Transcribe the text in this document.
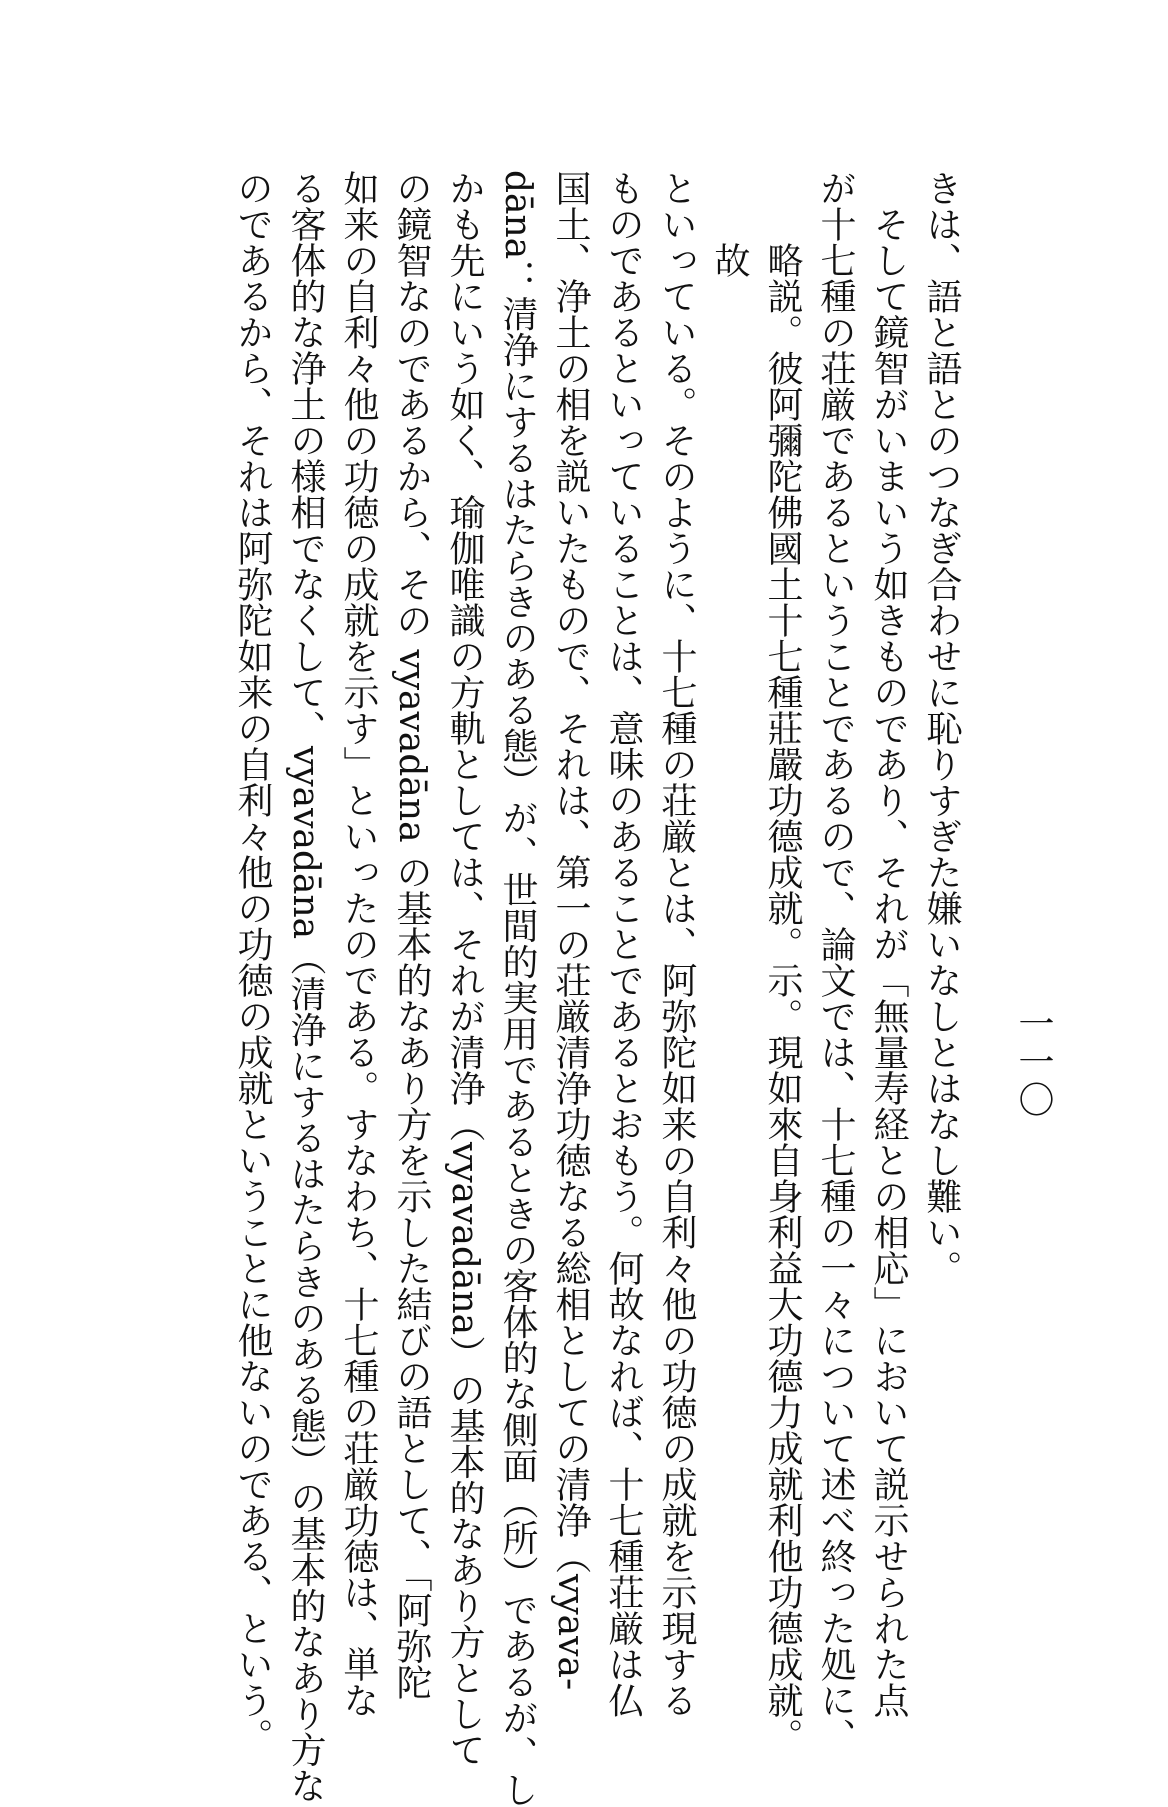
一一〇
きは、語と語とのつなぎ合わせに恥りすぎた嫌いなしとはなし難い。
そして鏡智がいまいう如きものであり、それが「無量寿経との相応」において説示せられた点
が十七種の荘厳であるということであるので、論文では、十七種の一々について述べ終った処に、
略説。彼阿彌陀佛國土十七種莊嚴功德成就。示。現如來自身利益大功德力成就利他功德成就。
故
といっている。そのように、十七種の荘厳とは、阿弥陀如来の自利々他の功徳の成就を示現する
ものであるといっていることは、意味のあることであるとおもう。何故なれば、十七種荘厳は仏
国土、浄土の相を説いたもので、それは、第一の荘厳清浄功徳なる総相としての清浄（vyava-
dāna：清浄にするはたらきのある態）が、世間的実用であるときの客体的な側面（所）であるが、し
かも先にいう如く、瑜伽唯識の方軌としては、それが清浄（vyavadāna）の基本的なあり方として
の鏡智なのであるから、その vyavadāna の基本的なあり方を示した結びの語として、「阿弥陀
如来の自利々他の功徳の成就を示す」といったのである。すなわち、十七種の荘厳功徳は、単な
る客体的な浄土の様相でなくして、vyavadāna（清浄にするはたらきのある態）の基本的なあり方な
のであるから、それは阿弥陀如来の自利々他の功徳の成就ということに他ないのである、という。
